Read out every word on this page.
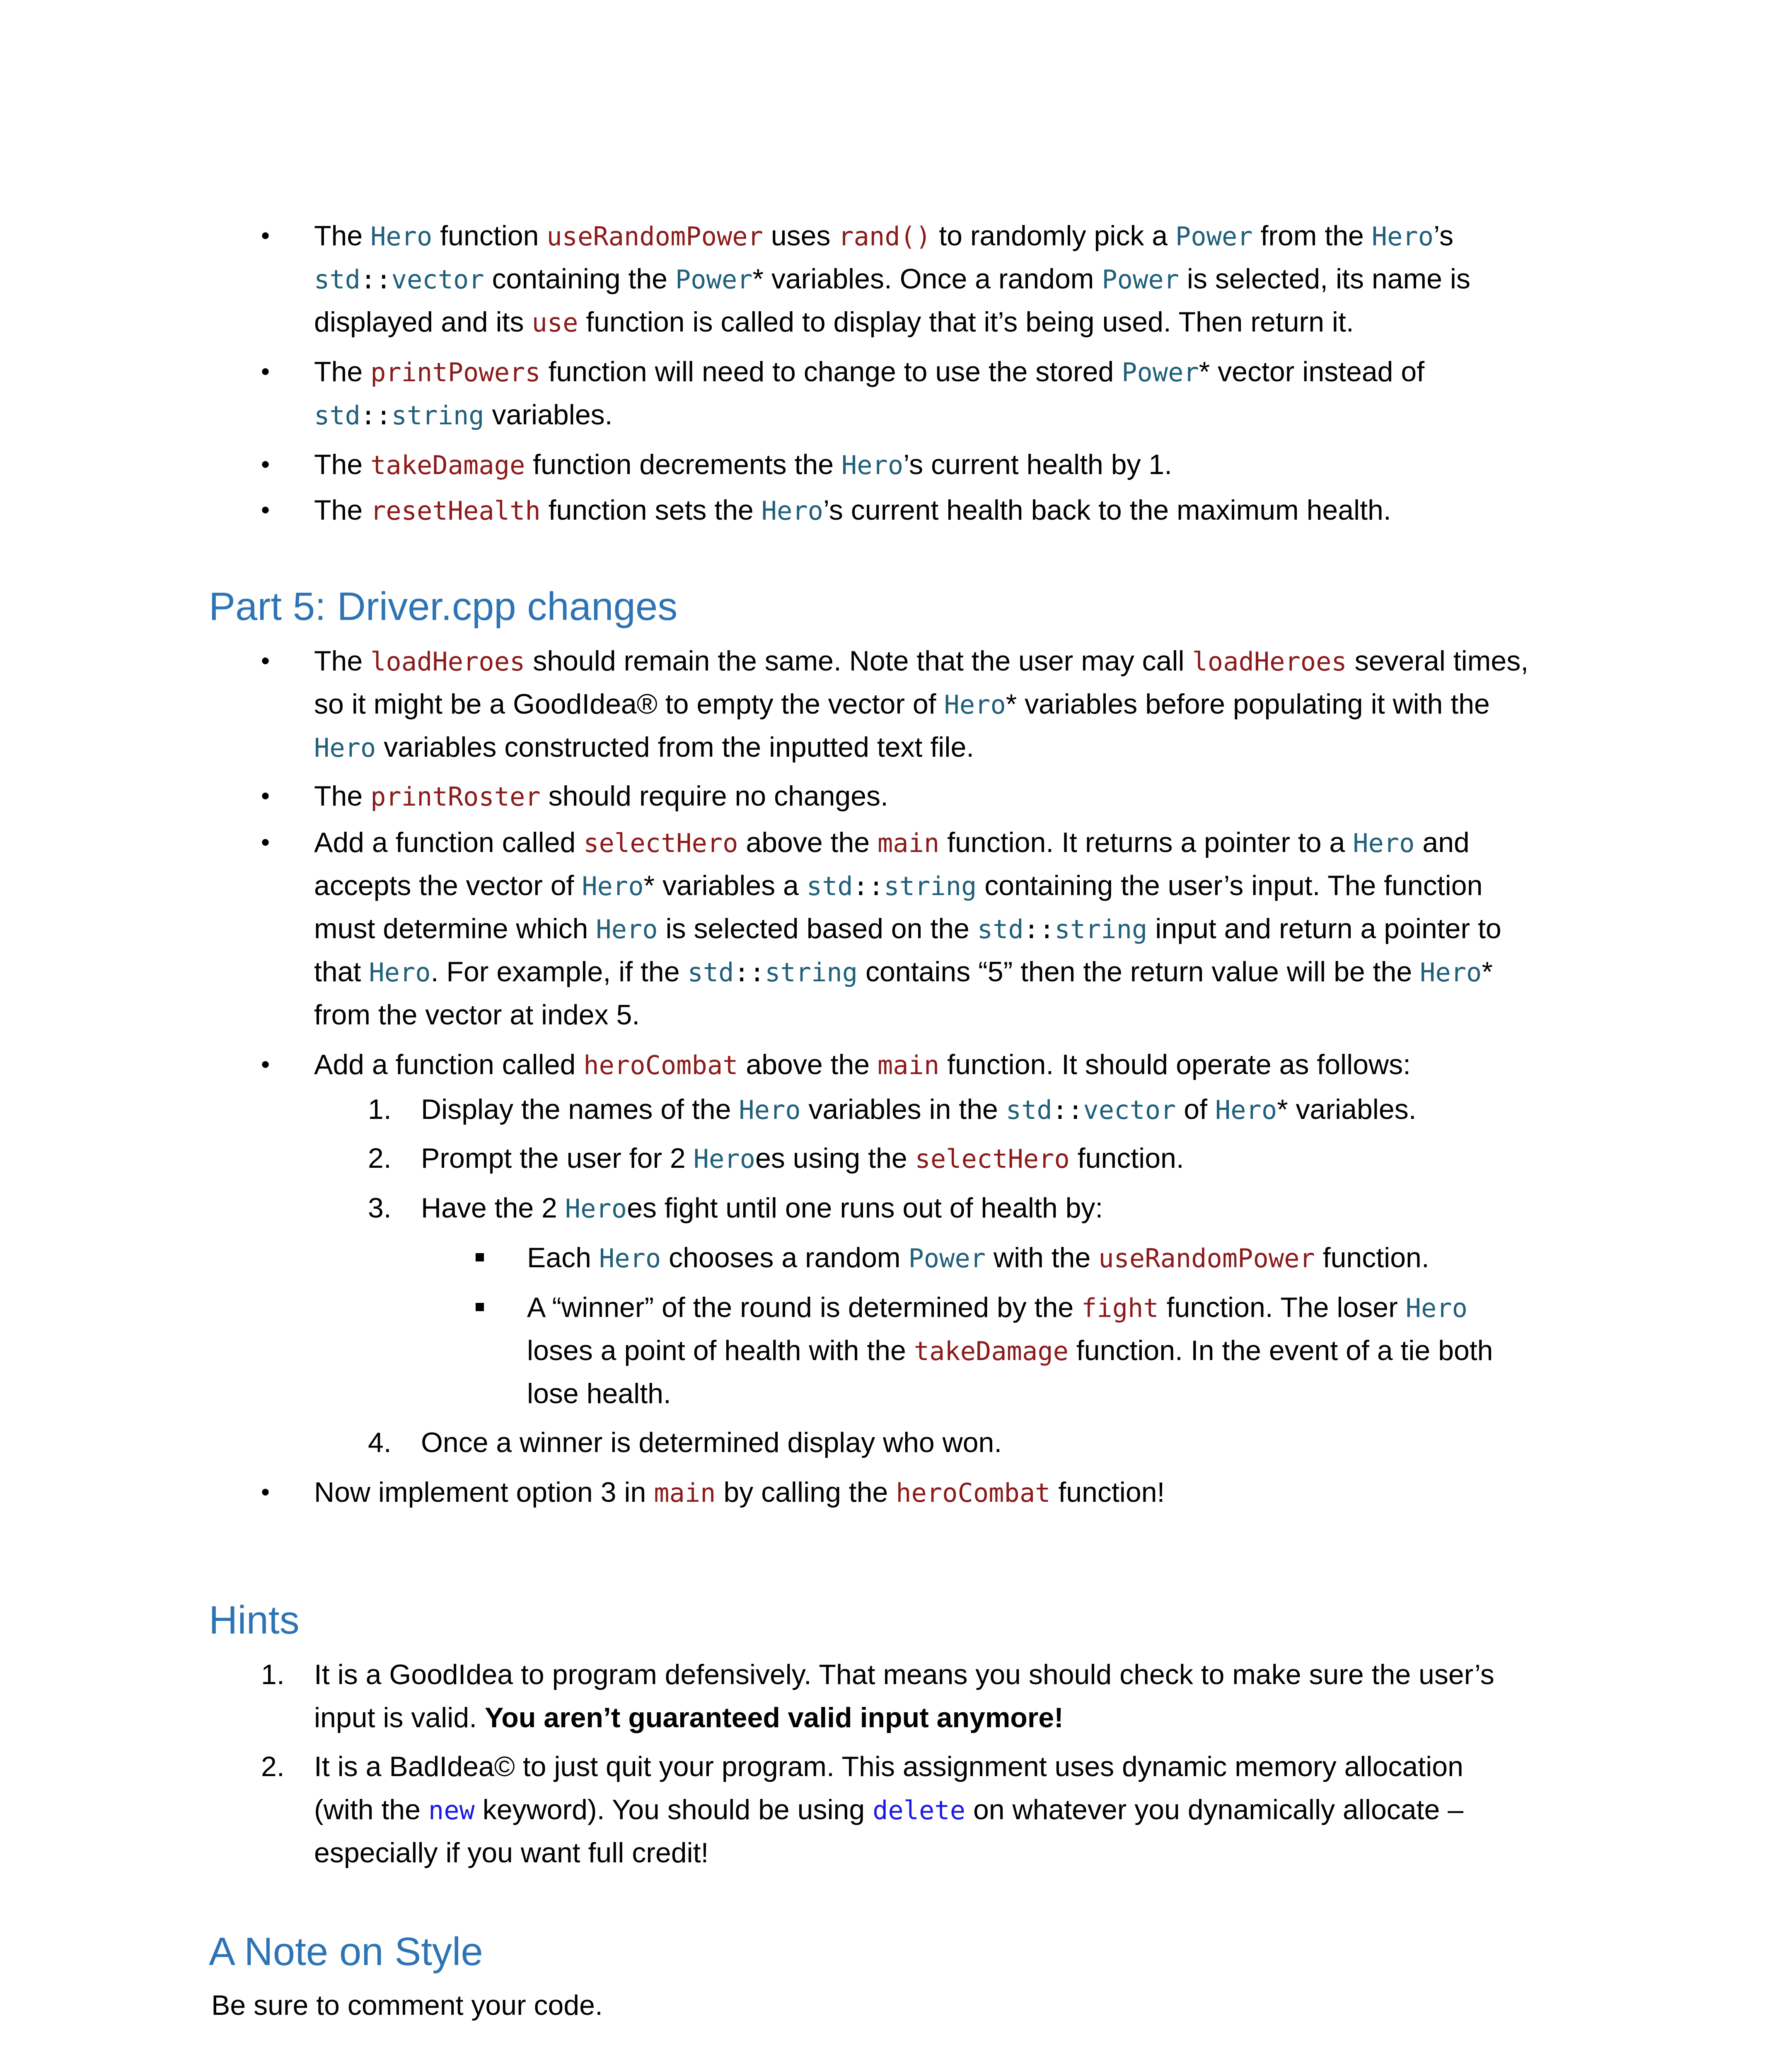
• The Hero function useRandomPower uses rand() to randomly pick a Power from the Hero’s
std::vector containing the Power* variables. Once a random Power is selected, its name is
displayed and its use function is called to display that it’s being used. Then return it.
• The printPowers function will need to change to use the stored Power* vector instead of
std::string variables.
• The takeDamage function decrements the Hero’s current health by 1.
• The resetHealth function sets the Hero’s current health back to the maximum health.
Part 5: Driver.cpp changes
• The loadHeroes should remain the same. Note that the user may call loadHeroes several times,
so it might be a GoodIdea® to empty the vector of Hero* variables before populating it with the
Hero variables constructed from the inputted text file.
• The printRoster should require no changes.
• Add a function called selectHero above the main function. It returns a pointer to a Hero and
accepts the vector of Hero* variables a std::string containing the user’s input. The function
must determine which Hero is selected based on the std::string input and return a pointer to
that Hero. For example, if the std::string contains “5” then the return value will be the Hero*
from the vector at index 5.
• Add a function called heroCombat above the main function. It should operate as follows:
1. Display the names of the Hero variables in the std::vector of Hero* variables.
2. Prompt the user for 2 Heroes using the selectHero function.
3. Have the 2 Heroes fight until one runs out of health by:
Each Hero chooses a random Power with the useRandomPower function.
A “winner” of the round is determined by the fight function. The loser Hero
loses a point of health with the takeDamage function. In the event of a tie both
lose health.
4. Once a winner is determined display who won.
• Now implement option 3 in main by calling the heroCombat function!
Hints
1. It is a GoodIdea to program defensively. That means you should check to make sure the user’s
input is valid. You aren’t guaranteed valid input anymore!
2. It is a BadIdea© to just quit your program. This assignment uses dynamic memory allocation
(with the new keyword). You should be using delete on whatever you dynamically allocate –
especially if you want full credit!
A Note on Style
Be sure to comment your code.
